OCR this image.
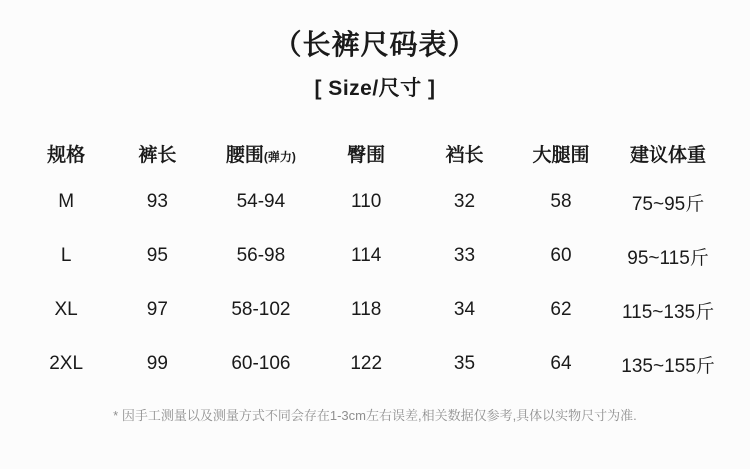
（长裤尺码表）
[ Size/尺寸 ]
规格	裤长	腰围(弹力)	臀围	裆长	大腿围	建议体重
M	93	54-94	110	32	58	75~95斤
L	95	56-98	114	33	60	95~115斤
XL	97	58-102	118	34	62	115~135斤
2XL	99	60-106	122	35	64	135~155斤

* 因手工测量以及测量方式不同会存在1-3cm左右误差,相关数据仅参考,具体以实物尺寸为准.
